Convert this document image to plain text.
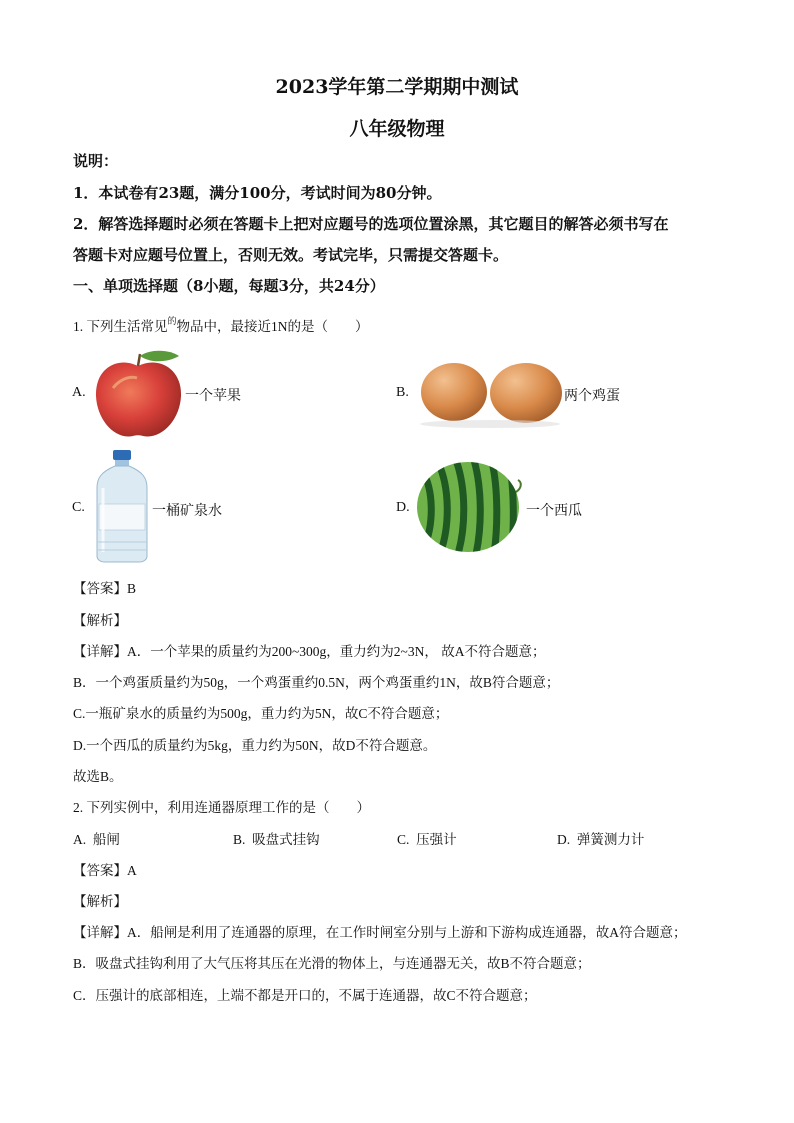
2023学年第二学期期中测试
八年级物理
说明：
1．本试卷有23题，满分100分，考试时间为80分钟。
2．解答选择题时必须在答题卡上把对应题号的选项位置涂黑，其它题目的解答必须书写在
答题卡对应题号位置上，否则无效。考试完毕，只需提交答题卡。
一、单项选择题（8小题，每题3分，共24分）
1. 下列生活常见$^的$物品中，最接近1N的是（　　）
A.	一个苹果	B.	两个鸡蛋
C.	一桶矿泉水	D.	一个西瓜
【答案】B
【解析】
【详解】A．一个苹果的质量约为200~300g，重力约为2~3N， 故A不符合题意；
B．一个鸡蛋质量约为50g，一个鸡蛋重约0.5N，两个鸡蛋重约1N，故B符合题意；
C.一瓶矿泉水的质量约为500g，重力约为5N，故C不符合题意；
D.一个西瓜的质量约为5kg，重力约为50N，故D不符合题意。
故选B。
2. 下列实例中，利用连通器原理工作的是（　　）
A. 船闸	B. 吸盘式挂钩	C. 压强计	D. 弹簧测力计
【答案】A
【解析】
【详解】A．船闸是利用了连通器的原理，在工作时闸室分别与上游和下游构成连通器，故A符合题意；
B．吸盘式挂钩利用了大气压将其压在光滑的物体上，与连通器无关，故B不符合题意；
C．压强计的底部相连，上端不都是开口的，不属于连通器，故C不符合题意；
